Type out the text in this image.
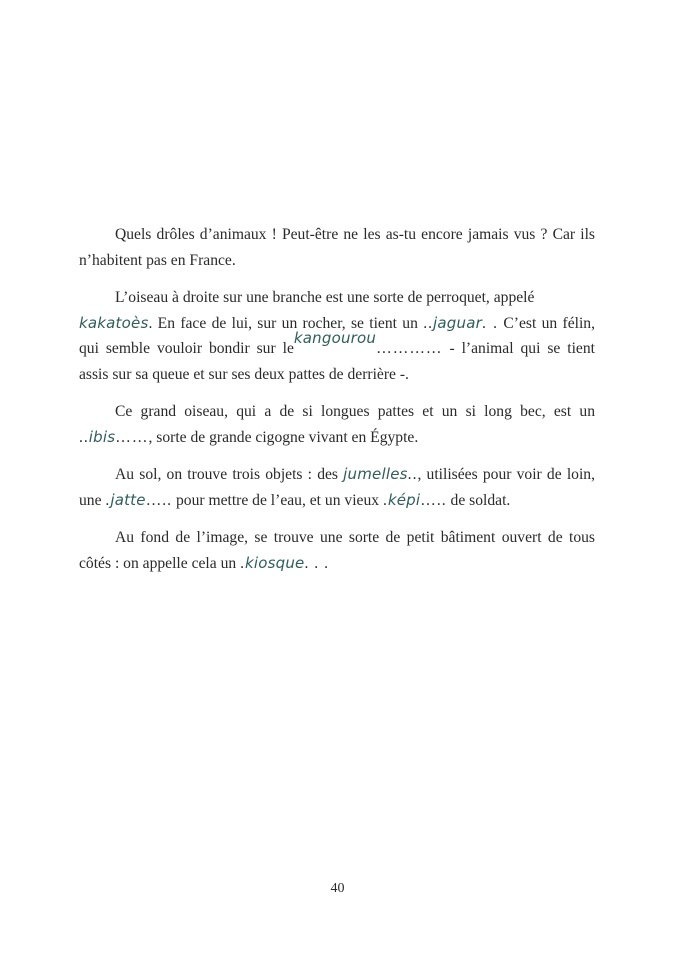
Quels drôles d’animaux ! Peut-être ne les as-tu encore jamais vus ? Car ils n’habitent pas en France.

L’oiseau à droite sur une branche est une sorte de perroquet, appelé
kakatoès. En face de lui, sur un rocher, se tient un ..jaguar. . C’est un félin, qui semble vouloir bondir sur lekangourou………… - l’animal qui se tient assis sur sa queue et sur ses deux pattes de derrière -.

Ce grand oiseau, qui a de si longues pattes et un si long bec, est un ..ibis……, sorte de grande cigogne vivant en Égypte.

Au sol, on trouve trois objets : des jumelles.., utilisées pour voir de loin, une .jatte….. pour mettre de l’eau, et un vieux .képi….. de soldat.

Au fond de l’image, se trouve une sorte de petit bâtiment ouvert de tous côtés : on appelle cela un .kiosque. . .

40
